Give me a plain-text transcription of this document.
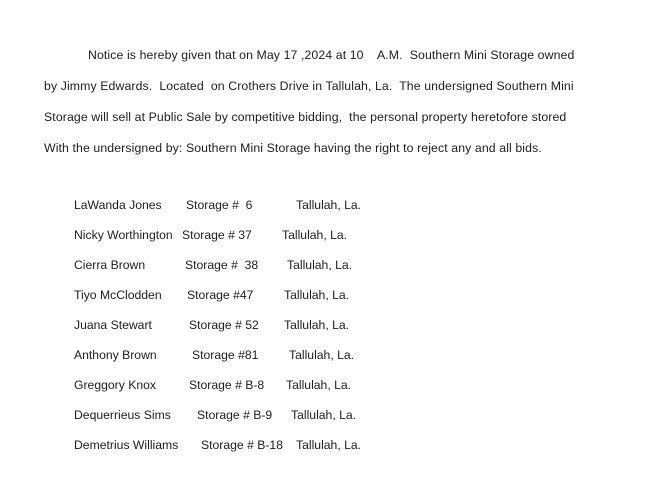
Notice is hereby given that on May 17 ,2024 at 10    A.M.  Southern Mini Storage owned
by Jimmy Edwards.  Located  on Crothers Drive in Tallulah, La.  The undersigned Southern Mini
Storage will sell at Public Sale by competitive bidding,  the personal property heretofore stored
With the undersigned by: Southern Mini Storage having the right to reject any and all bids.
LaWanda Jones Storage #  6	Tallulah, La.
Nicky Worthington Storage # 37 Tallulah, La.
Cierra Brown	Storage #  38 Tallulah, La.
Tiyo McClodden Storage #47	Tallulah, La.
Juana Stewart	Storage # 52 Tallulah, La.
Anthony Brown	Storage #81	Tallulah, La.
Greggory Knox	Storage # B-8 Tallulah, La.
Dequerrieus Sims Storage # B-9 Tallulah, La.
Demetrius Williams Storage # B-18 Tallulah, La.
